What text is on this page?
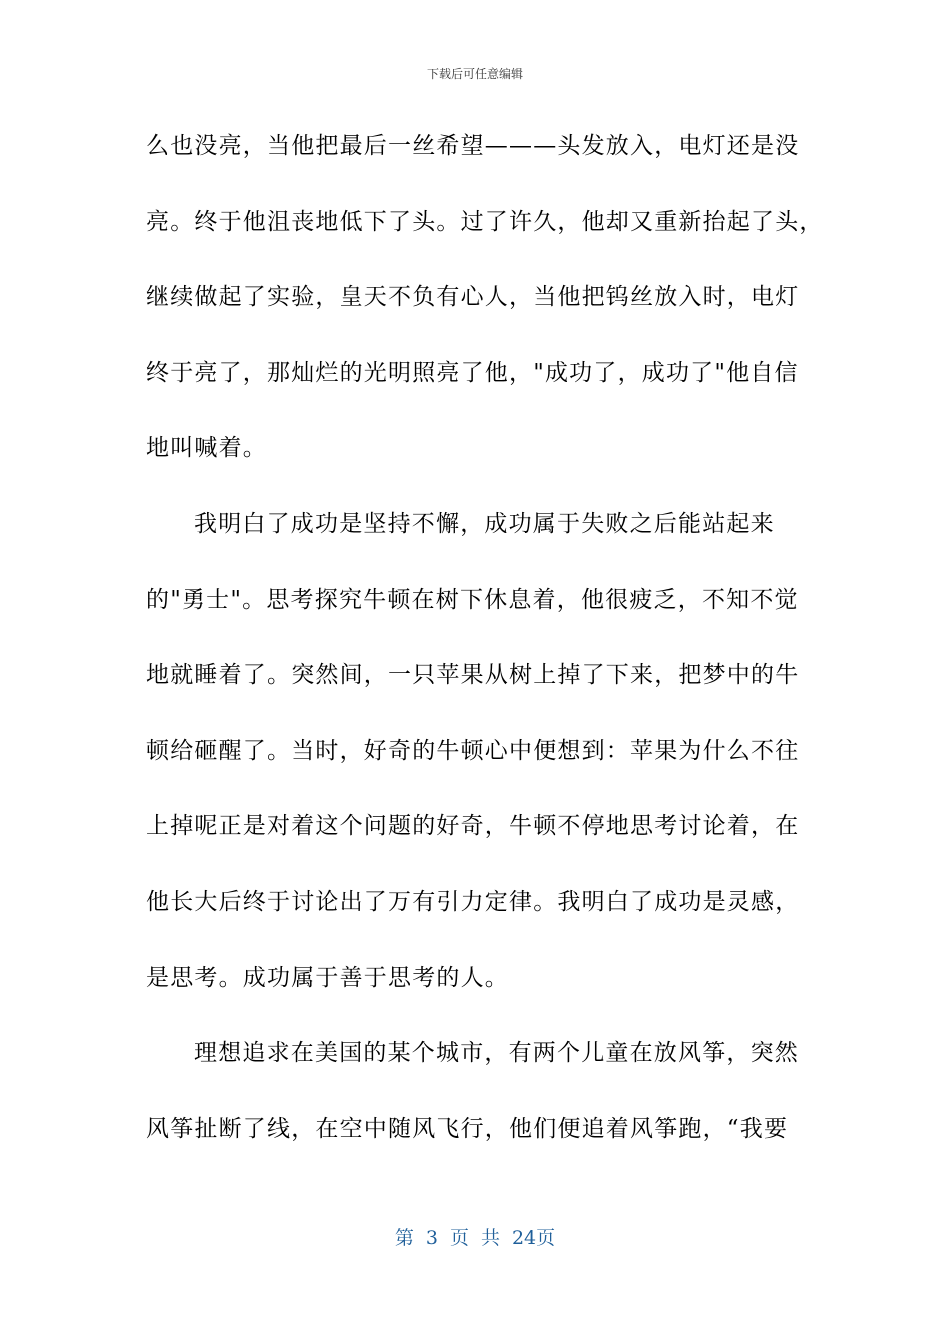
下载后可任意编辑
么也没亮，当他把最后一丝希望———头发放入，电灯还是没
亮。终于他沮丧地低下了头。过了许久，他却又重新抬起了头，
继续做起了实验，皇天不负有心人，当他把钨丝放入时，电灯
终于亮了，那灿烂的光明照亮了他，"成功了，成功了"他自信
地叫喊着。
我明白了成功是坚持不懈，成功属于失败之后能站起来
的"勇士"。思考探究牛顿在树下休息着，他很疲乏，不知不觉
地就睡着了。突然间，一只苹果从树上掉了下来，把梦中的牛
顿给砸醒了。当时，好奇的牛顿心中便想到：苹果为什么不往
上掉呢正是对着这个问题的好奇，牛顿不停地思考讨论着，在
他长大后终于讨论出了万有引力定律。我明白了成功是灵感，
是思考。成功属于善于思考的人。
理想追求在美国的某个城市，有两个儿童在放风筝，突然
风筝扯断了线，在空中随风飞行，他们便追着风筝跑，“我要
第 3 页 共 24页
